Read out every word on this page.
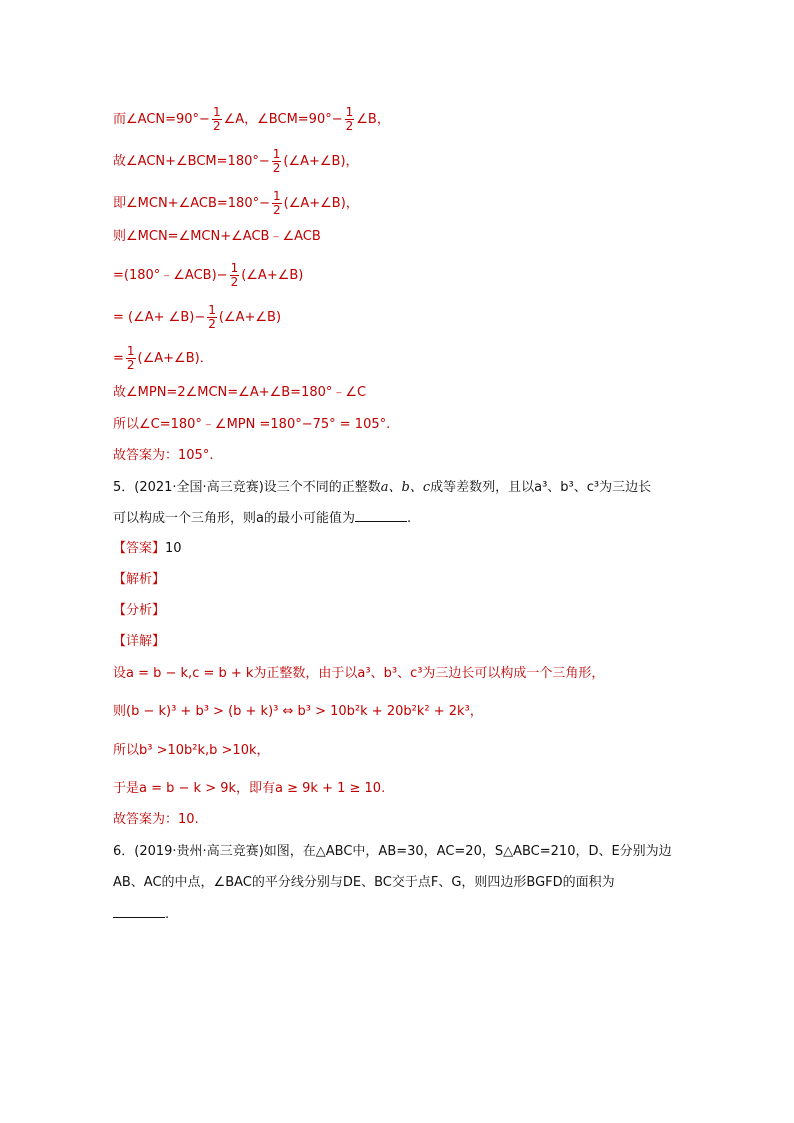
而∠ACN=90°− $\frac{1}{2}$ ∠A，∠BCM=90°− $\frac{1}{2}$ ∠B，
故∠ACN+∠BCM=180°− $\frac{1}{2}$ (∠A+∠B)，
即∠MCN+∠ACB=180°− $\frac{1}{2}$ (∠A+∠B)，
则∠MCN=∠MCN+∠ACB﹣∠ACB
=(180°﹣∠ACB)− $\frac{1}{2}$ (∠A+∠B)
= (∠A+ ∠B)− $\frac{1}{2}$ (∠A+∠B)
= $\frac{1}{2}$ (∠A+∠B)．
故∠MPN=2∠MCN=∠A+∠B=180°﹣∠C
所以∠C=180°﹣∠MPN =180°−75° = 105°.
故答案为：105°.
5．(2021·全国·高三竞赛)设三个不同的正整数a、b、c成等差数列，且以a³、b³、c³为三边长
可以构成一个三角形，则a的最小可能值为	.
【答案】10
【解析】
【分析】
【详解】
设a = b − k,c = b + k为正整数，由于以a³、b³、c³为三边长可以构成一个三角形，
则(b − k)³ + b³ > (b + k)³ ⇔ b³ > 10b²k + 20b²k² + 2k³，
所以b³ >10b²k,b >10k，
于是a = b − k > 9k，即有a ≥ 9k + 1 ≥ 10.
故答案为：10.
6．(2019·贵州·高三竞赛)如图，在△ABC中，AB=30，AC=20，S△ABC=210，D、E分别为边
AB、AC的中点，∠BAC的平分线分别与DE、BC交于点F、G，则四边形BGFD的面积为
.
